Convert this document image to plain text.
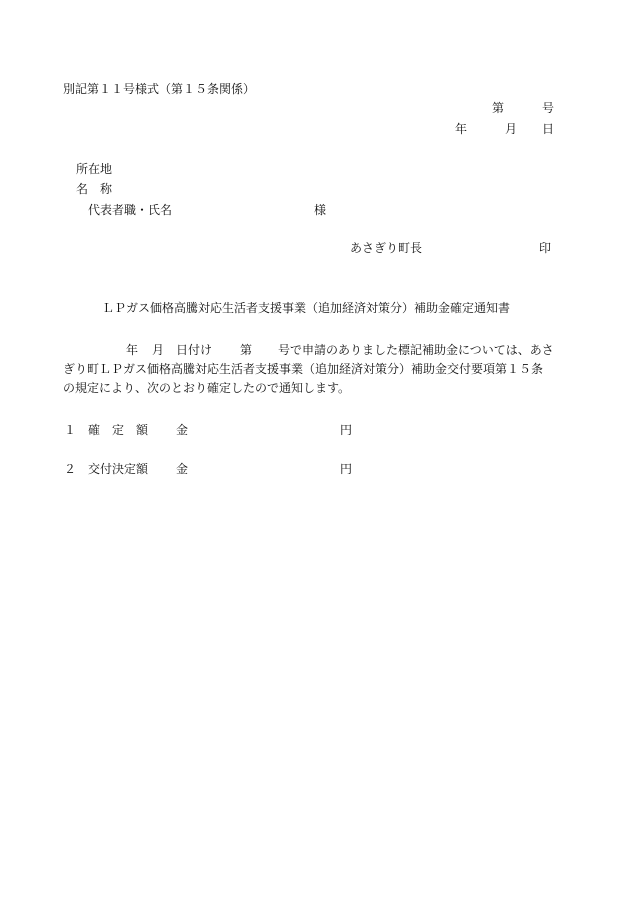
別記第１１号様式（第１５条関係）
第	号
年	月 日
所在地
名　称
代表者職・氏名	様
あさぎり町長	印
ＬＰガス価格高騰対応生活者支援事業（追加経済対策分）補助金確定通知書
年 月 日付け 第 号で申請のありました標記補助金については、あさ
ぎり町ＬＰガス価格高騰対応生活者支援事業（追加経済対策分）補助金交付要項第１５条
の規定により、次のとおり確定したので通知します。
１ 確　定　額 金	円
２ 交付決定額 金	円
